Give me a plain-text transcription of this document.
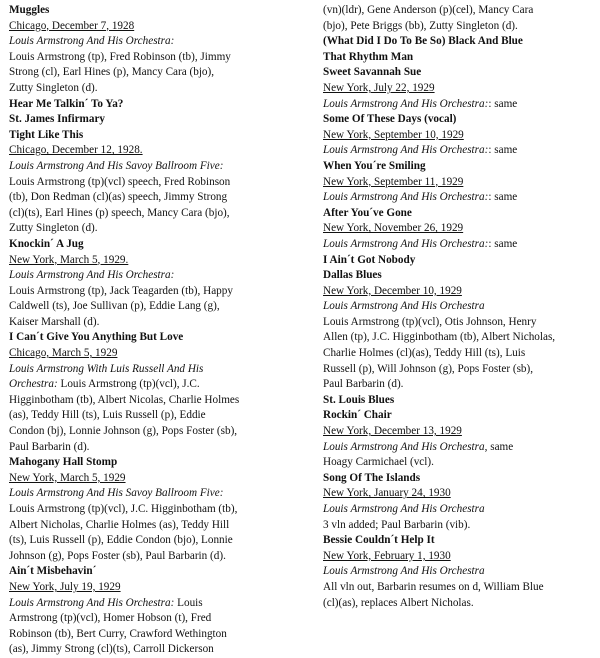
Muggles
Chicago, December 7, 1928
Louis Armstrong And His Orchestra:
Louis Armstrong (tp), Fred Robinson (tb), Jimmy
Strong (cl), Earl Hines (p), Mancy Cara (bjo),
Zutty Singleton (d).
Hear Me Talkin´ To Ya?
St. James Infirmary
Tight Like This
Chicago, December 12, 1928.
Louis Armstrong And His Savoy Ballroom Five:
Louis Armstrong (tp)(vcl) speech, Fred Robinson
(tb), Don Redman (cl)(as) speech, Jimmy Strong
(cl)(ts), Earl Hines (p) speech, Mancy Cara (bjo),
Zutty Singleton (d).
Knockin´ A Jug
New York, March 5, 1929.
Louis Armstrong And His Orchestra:
Louis Armstrong (tp), Jack Teagarden (tb), Happy
Caldwell (ts), Joe Sullivan (p), Eddie Lang (g),
Kaiser Marshall (d).
I Can´t Give You Anything But Love
Chicago, March 5, 1929
Louis Armstrong With Luis Russell And His
Orchestra: Louis Armstrong (tp)(vcl), J.C.
Higginbotham (tb), Albert Nicolas, Charlie Holmes
(as), Teddy Hill (ts), Luis Russell (p), Eddie
Condon (bj), Lonnie Johnson (g), Pops Foster (sb),
Paul Barbarin (d).
Mahogany Hall Stomp
New York, March 5, 1929
Louis Armstrong And His Savoy Ballroom Five:
Louis Armstrong (tp)(vcl), J.C. Higginbotham (tb),
Albert Nicholas, Charlie Holmes (as), Teddy Hill
(ts), Luis Russell (p), Eddie Condon (bjo), Lonnie
Johnson (g), Pops Foster (sb), Paul Barbarin (d).
Ain´t Misbehavin´
New York, July 19, 1929
Louis Armstrong And His Orchestra: Louis
Armstrong (tp)(vcl), Homer Hobson (t), Fred
Robinson (tb), Bert Curry, Crawford Wethington
(as), Jimmy Strong (cl)(ts), Carroll Dickerson
(vn)(ldr), Gene Anderson (p)(cel), Mancy Cara
(bjo), Pete Briggs (bb), Zutty Singleton (d).
(What Did I Do To Be So) Black And Blue
That Rhythm Man
Sweet Savannah Sue
New York, July 22, 1929
Louis Armstrong And His Orchestra:: same
Some Of These Days (vocal)
New York, September 10, 1929
Louis Armstrong And His Orchestra:: same
When You´re Smiling
New York, September 11, 1929
Louis Armstrong And His Orchestra:: same
After You´ve Gone
New York, November 26, 1929
Louis Armstrong And His Orchestra:: same
I Ain´t Got Nobody
Dallas Blues
New York, December 10, 1929
Louis Armstrong And His Orchestra
Louis Armstrong (tp)(vcl), Otis Johnson, Henry
Allen (tp), J.C. Higginbotham (tb), Albert Nicholas,
Charlie Holmes (cl)(as), Teddy Hill (ts), Luis
Russell (p), Will Johnson (g), Pops Foster (sb),
Paul Barbarin (d).
St. Louis Blues
Rockin´ Chair
New York, December 13, 1929
Louis Armstrong And His Orchestra, same
Hoagy Carmichael (vcl).
Song Of The Islands
New York, January 24, 1930
Louis Armstrong And His Orchestra
3 vln added; Paul Barbarin (vib).
Bessie Couldn´t Help It
New York, February 1, 1930
Louis Armstrong And His Orchestra
All vln out, Barbarin resumes on d, William Blue
(cl)(as), replaces Albert Nicholas.
